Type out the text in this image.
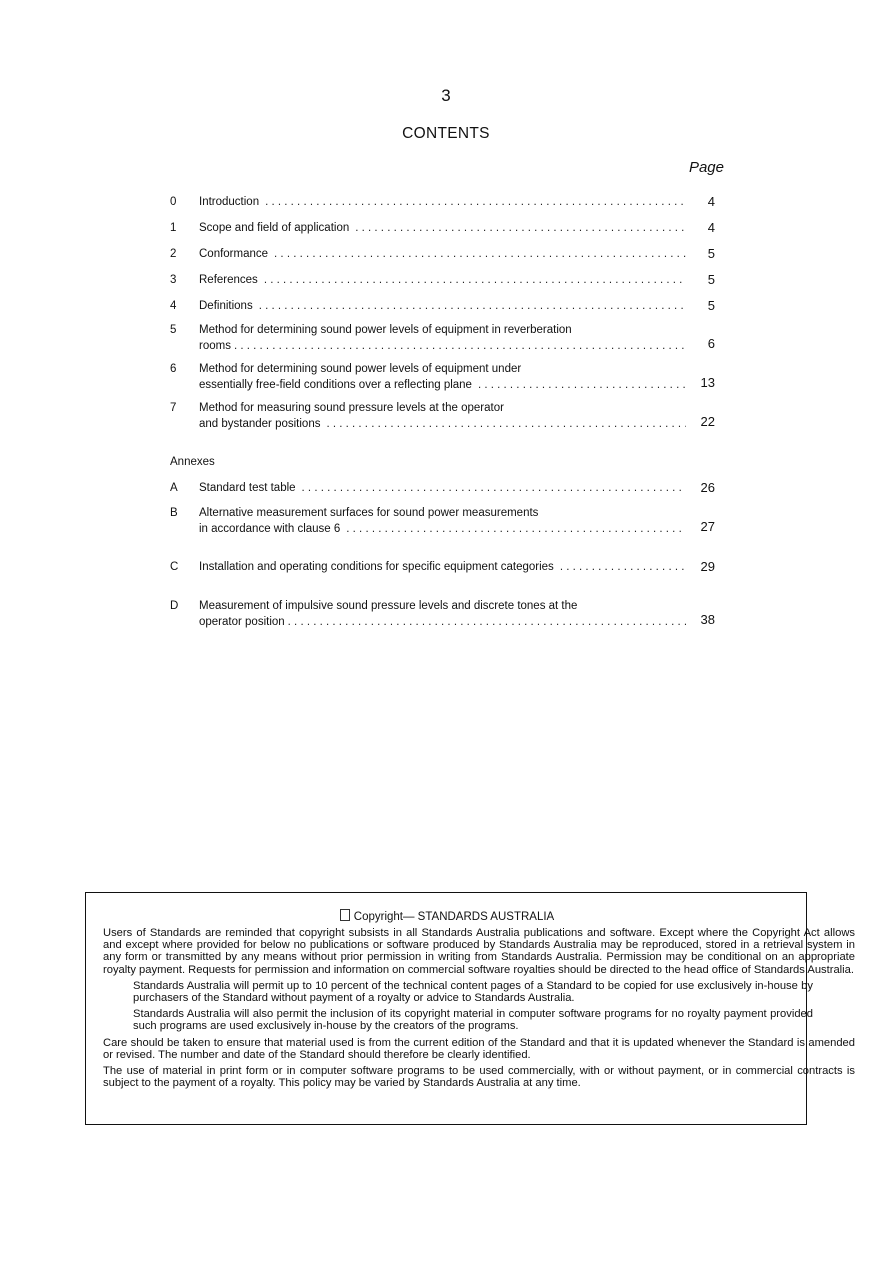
3
CONTENTS
Page
0 Introduction . . .	4
1 Scope and field of application . . .	4
2 Conformance . . .	5
3 References . . .	5
4 Definitions . . .	5
5 Method for determining sound power levels of equipment in reverberation
rooms . . .	6
6 Method for determining sound power levels of equipment under
essentially free-field conditions over a reflecting plane . . .	13
7 Method for measuring sound pressure levels at the operator
and bystander positions . . .	22
Annexes
A Standard test table . . .	26
B Alternative measurement surfaces for sound power measurements
in accordance with clause 6 . . .	27
C Installation and operating conditions for specific equipment categories . . .	29
D Measurement of impulsive sound pressure levels and discrete tones at the
operator position . . .	38
Copyright— STANDARDS AUSTRALIA

Users of Standards are reminded that copyright subsists in all Standards Australia publications and software. Except where the Copyright Act allows and except where provided for below no publications or software produced by Standards Australia may be reproduced, stored in a retrieval system in any form or transmitted by any means without prior permission in writing from Standards Australia. Permission may be conditional on an appropriate royalty payment. Requests for permission and information on commercial software royalties should be directed to the head office of Standards Australia.

Standards Australia will permit up to 10 percent of the technical content pages of a Standard to be copied for use exclusively in-house by purchasers of the Standard without payment of a royalty or advice to Standards Australia.

Standards Australia will also permit the inclusion of its copyright material in computer software programs for no royalty payment provided such programs are used exclusively in-house by the creators of the programs.

Care should be taken to ensure that material used is from the current edition of the Standard and that it is updated whenever the Standard is amended or revised. The number and date of the Standard should therefore be clearly identified.

The use of material in print form or in computer software programs to be used commercially, with or without payment, or in commercial contracts is subject to the payment of a royalty. This policy may be varied by Standards Australia at any time.
